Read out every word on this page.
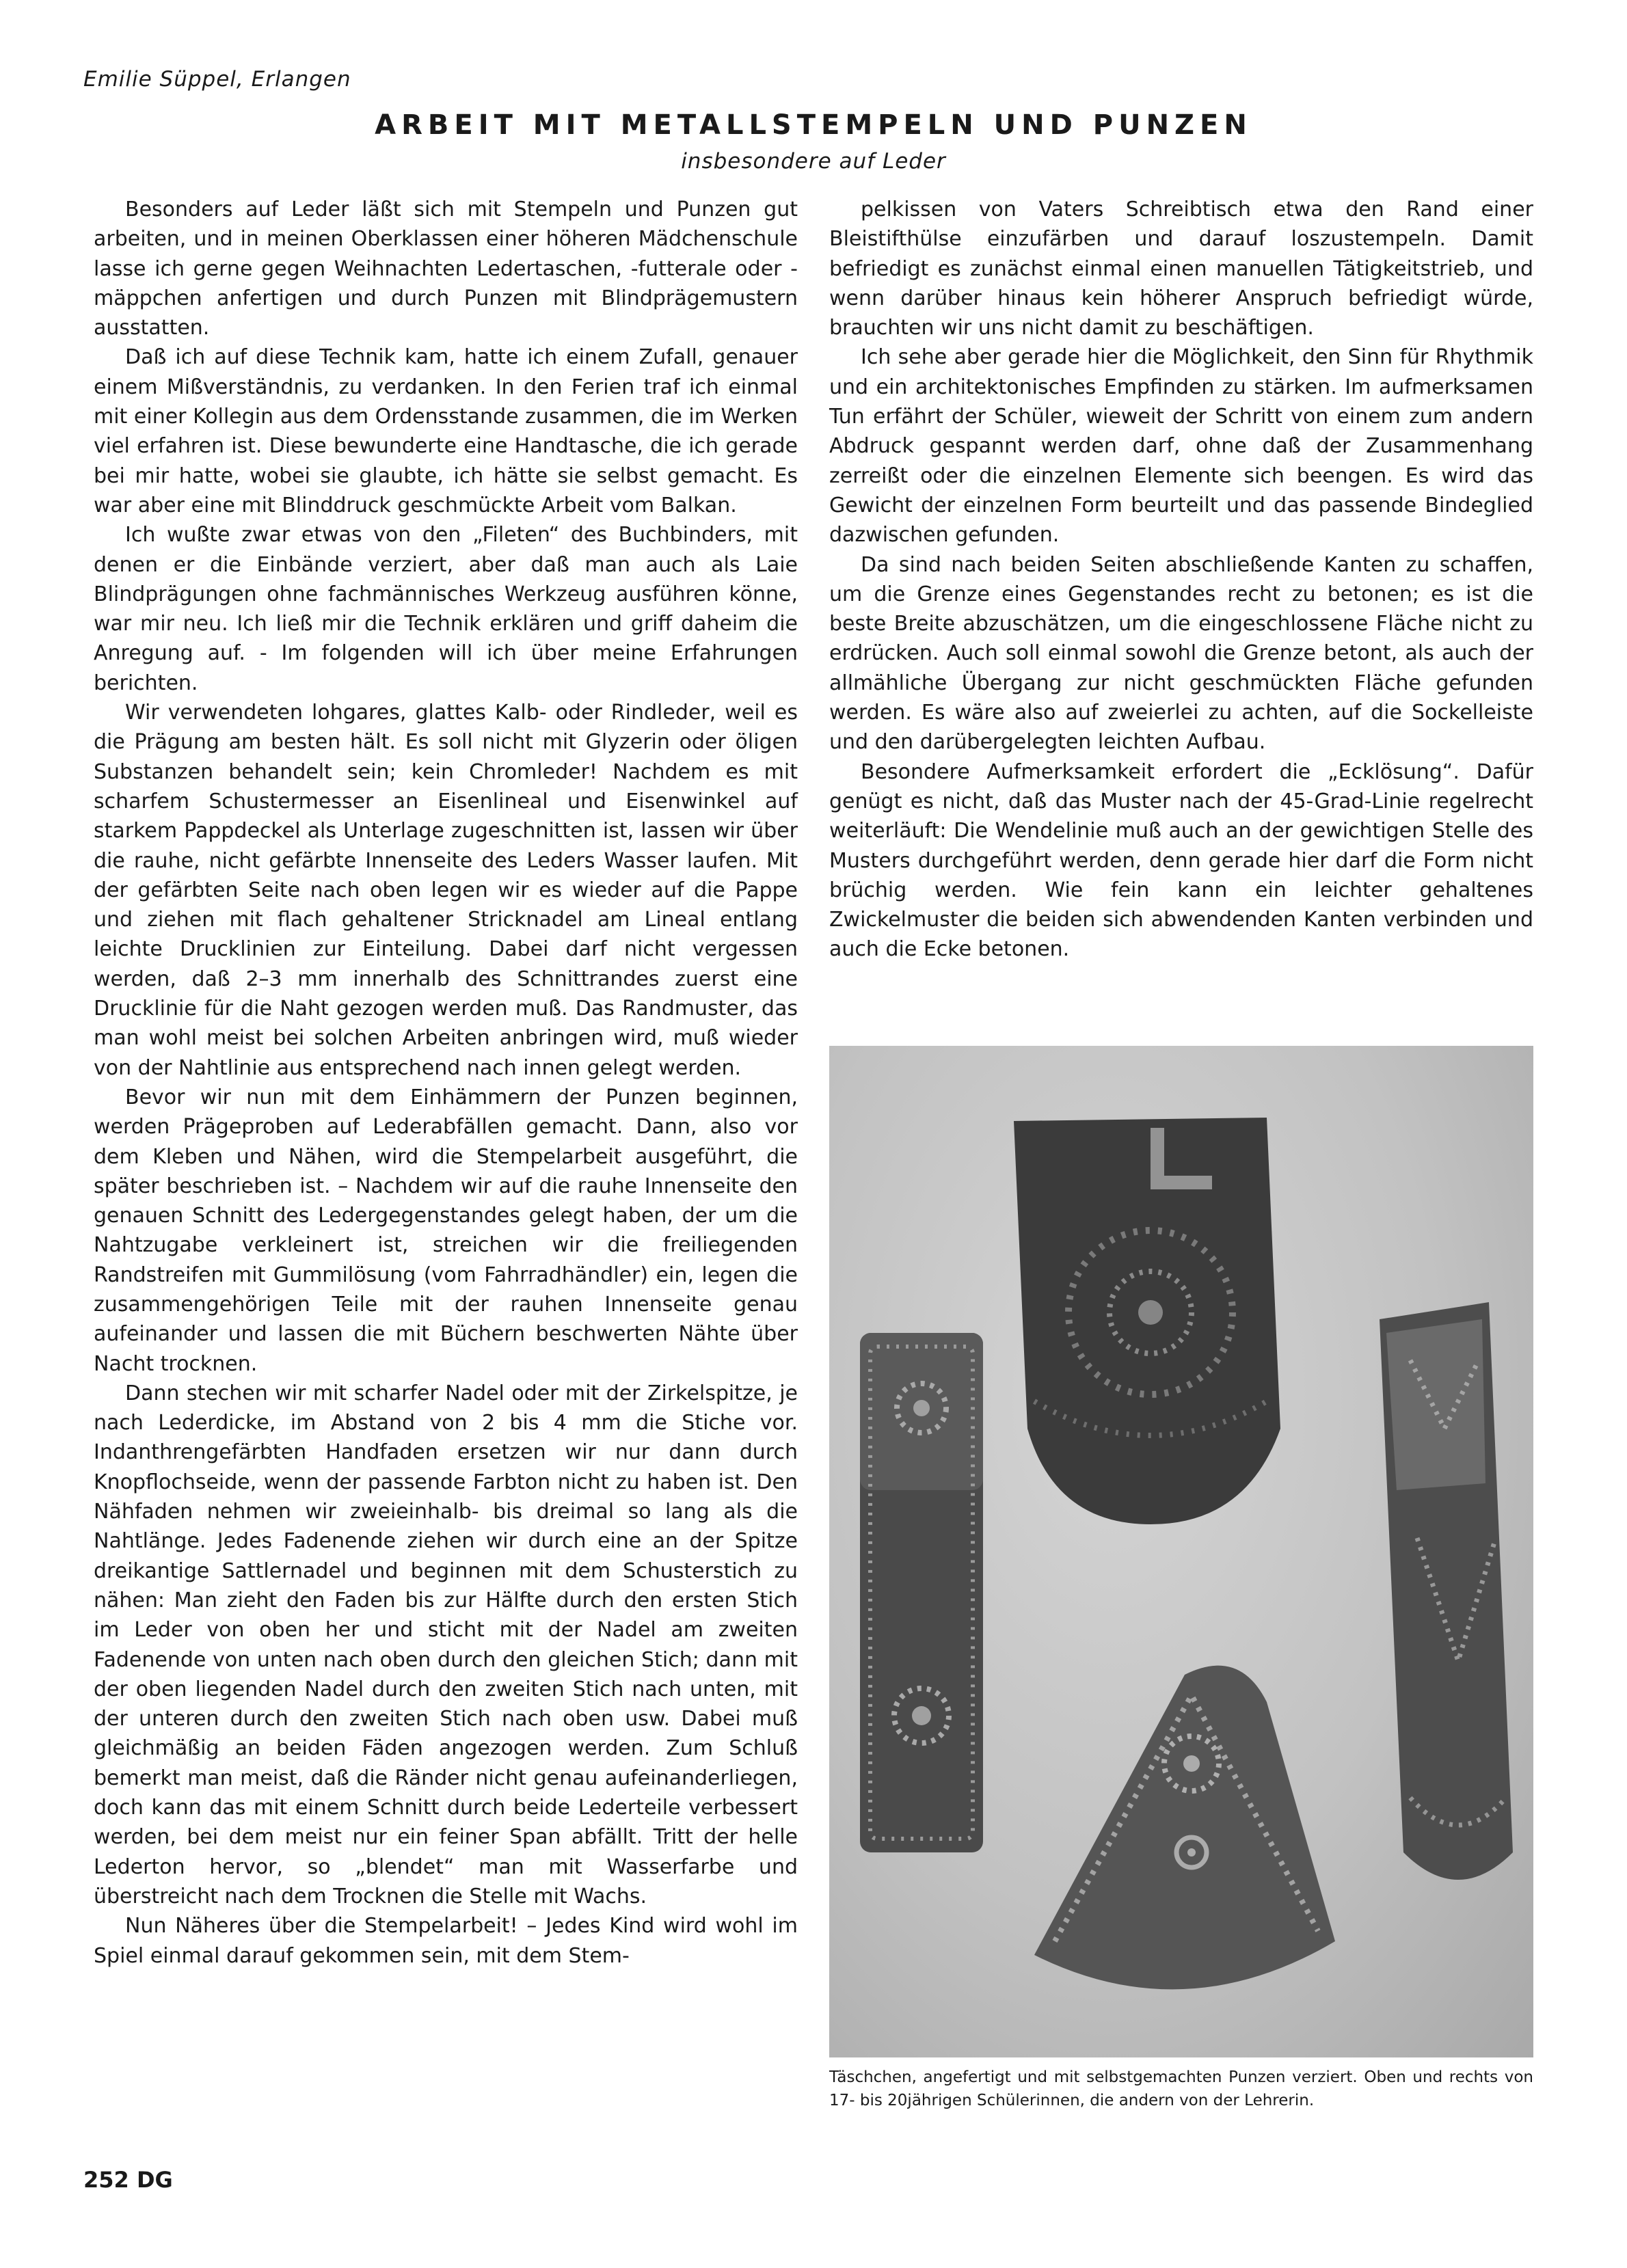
Emilie Süppel, Erlangen
ARBEIT MIT METALLSTEMPELN UND PUNZEN
insbesondere auf Leder

Besonders auf Leder läßt sich mit Stempeln und Punzen gut arbeiten, und in meinen Oberklassen einer höheren Mädchenschule lasse ich gerne gegen Weihnachten Ledertaschen, -futterale oder -mäppchen anfertigen und durch Punzen mit Blindprägemustern ausstatten.

Daß ich auf diese Technik kam, hatte ich einem Zufall, genauer einem Mißverständnis, zu verdanken. In den Ferien traf ich einmal mit einer Kollegin aus dem Ordensstande zusammen, die im Werken viel erfahren ist. Diese bewunderte eine Handtasche, die ich gerade bei mir hatte, wobei sie glaubte, ich hätte sie selbst gemacht. Es war aber eine mit Blinddruck geschmückte Arbeit vom Balkan.

Ich wußte zwar etwas von den „Fileten“ des Buchbinders, mit denen er die Einbände verziert, aber daß man auch als Laie Blindprägungen ohne fachmännisches Werkzeug ausführen könne, war mir neu. Ich ließ mir die Technik erklären und griff daheim die Anregung auf. - Im folgenden will ich über meine Erfahrungen berichten.

Wir verwendeten lohgares, glattes Kalb- oder Rindleder, weil es die Prägung am besten hält. Es soll nicht mit Glyzerin oder öligen Substanzen behandelt sein; kein Chromleder! Nachdem es mit scharfem Schustermesser an Eisenlineal und Eisenwinkel auf starkem Pappdeckel als Unterlage zugeschnitten ist, lassen wir über die rauhe, nicht gefärbte Innenseite des Leders Wasser laufen. Mit der gefärbten Seite nach oben legen wir es wieder auf die Pappe und ziehen mit flach gehaltener Stricknadel am Lineal entlang leichte Drucklinien zur Einteilung. Dabei darf nicht vergessen werden, daß 2–3 mm innerhalb des Schnittrandes zuerst eine Drucklinie für die Naht gezogen werden muß. Das Randmuster, das man wohl meist bei solchen Arbeiten anbringen wird, muß wieder von der Nahtlinie aus entsprechend nach innen gelegt werden.

Bevor wir nun mit dem Einhämmern der Punzen beginnen, werden Prägeproben auf Lederabfällen gemacht. Dann, also vor dem Kleben und Nähen, wird die Stempelarbeit ausgeführt, die später beschrieben ist. – Nachdem wir auf die rauhe Innenseite den genauen Schnitt des Ledergegenstandes gelegt haben, der um die Nahtzugabe verkleinert ist, streichen wir die freiliegenden Randstreifen mit Gummilösung (vom Fahrradhändler) ein, legen die zusammengehörigen Teile mit der rauhen Innenseite genau aufeinander und lassen die mit Büchern beschwerten Nähte über Nacht trocknen.

Dann stechen wir mit scharfer Nadel oder mit der Zirkelspitze, je nach Lederdicke, im Abstand von 2 bis 4 mm die Stiche vor. Indanthrengefärbten Handfaden ersetzen wir nur dann durch Knopflochseide, wenn der passende Farbton nicht zu haben ist. Den Nähfaden nehmen wir zweieinhalb- bis dreimal so lang als die Nahtlänge. Jedes Fadenende ziehen wir durch eine an der Spitze dreikantige Sattlernadel und beginnen mit dem Schusterstich zu nähen: Man zieht den Faden bis zur Hälfte durch den ersten Stich im Leder von oben her und sticht mit der Nadel am zweiten Fadenende von unten nach oben durch den gleichen Stich; dann mit der oben liegenden Nadel durch den zweiten Stich nach unten, mit der unteren durch den zweiten Stich nach oben usw. Dabei muß gleichmäßig an beiden Fäden angezogen werden. Zum Schluß bemerkt man meist, daß die Ränder nicht genau aufeinanderliegen, doch kann das mit einem Schnitt durch beide Lederteile verbessert werden, bei dem meist nur ein feiner Span abfällt. Tritt der helle Lederton hervor, so „blendet“ man mit Wasserfarbe und überstreicht nach dem Trocknen die Stelle mit Wachs.

Nun Näheres über die Stempelarbeit! – Jedes Kind wird wohl im Spiel einmal darauf gekommen sein, mit dem Stem-

pelkissen von Vaters Schreibtisch etwa den Rand einer Bleistifthülse einzufärben und darauf loszustempeln. Damit befriedigt es zunächst einmal einen manuellen Tätigkeitstrieb, und wenn darüber hinaus kein höherer Anspruch befriedigt würde, brauchten wir uns nicht damit zu beschäftigen.

Ich sehe aber gerade hier die Möglichkeit, den Sinn für Rhythmik und ein architektonisches Empfinden zu stärken. Im aufmerksamen Tun erfährt der Schüler, wieweit der Schritt von einem zum andern Abdruck gespannt werden darf, ohne daß der Zusammenhang zerreißt oder die einzelnen Elemente sich beengen. Es wird das Gewicht der einzelnen Form beurteilt und das passende Bindeglied dazwischen gefunden.

Da sind nach beiden Seiten abschließende Kanten zu schaffen, um die Grenze eines Gegenstandes recht zu betonen; es ist die beste Breite abzuschätzen, um die eingeschlossene Fläche nicht zu erdrücken. Auch soll einmal sowohl die Grenze betont, als auch der allmähliche Übergang zur nicht geschmückten Fläche gefunden werden. Es wäre also auf zweierlei zu achten, auf die Sockelleiste und den darübergelegten leichten Aufbau.

Besondere Aufmerksamkeit erfordert die „Ecklösung“. Dafür genügt es nicht, daß das Muster nach der 45-Grad-Linie regelrecht weiterläuft: Die Wendelinie muß auch an der gewichtigen Stelle des Musters durchgeführt werden, denn gerade hier darf die Form nicht brüchig werden. Wie fein kann ein leichter gehaltenes Zwickelmuster die beiden sich abwendenden Kanten verbinden und auch die Ecke betonen.

Täschchen, angefertigt und mit selbstgemachten Punzen verziert. Oben und rechts von 17- bis 20jährigen Schülerinnen, die andern von der Lehrerin.
252 DG
